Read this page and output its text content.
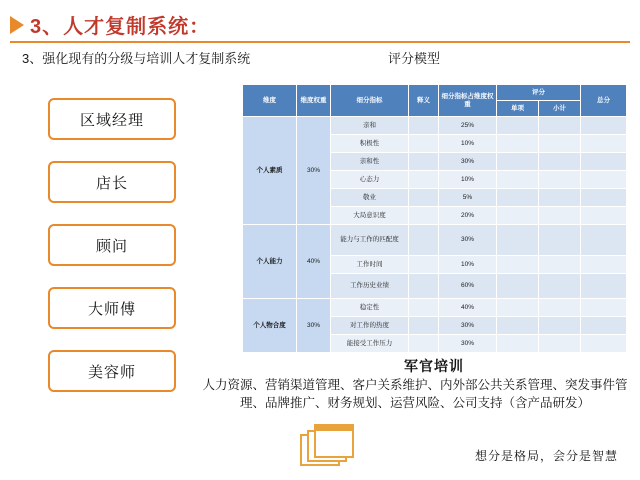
3、人才复制系统：
3、强化现有的分级与培训人才复制系统	评分模型
区域经理
店长
顾问
大师傅
美容师
维度	维度权重	细分指标	释义	细分指标占维度权重	评分		总分
					单项	小计	
个人素质	30%	亲和		25%			
		积极性		10%			
		亲和性		30%			
		心态力		10%			
		敬业		5%			
		大局意识度		20%			
个人能力	40%	能力与工作的匹配度		30%			
		工作时间		10%			
		工作历史业绩		60%			
个人物合度	30%	稳定性		40%			
		对工作的热度		30%			
		能接受工作压力		30%			
军官培训
人力资源、营销渠道管理、客户关系维护、内外部公共关系管理、突发事件管理、品牌推广、财务规划、运营风险、公司支持（含产品研发）
想分是格局，会分是智慧
